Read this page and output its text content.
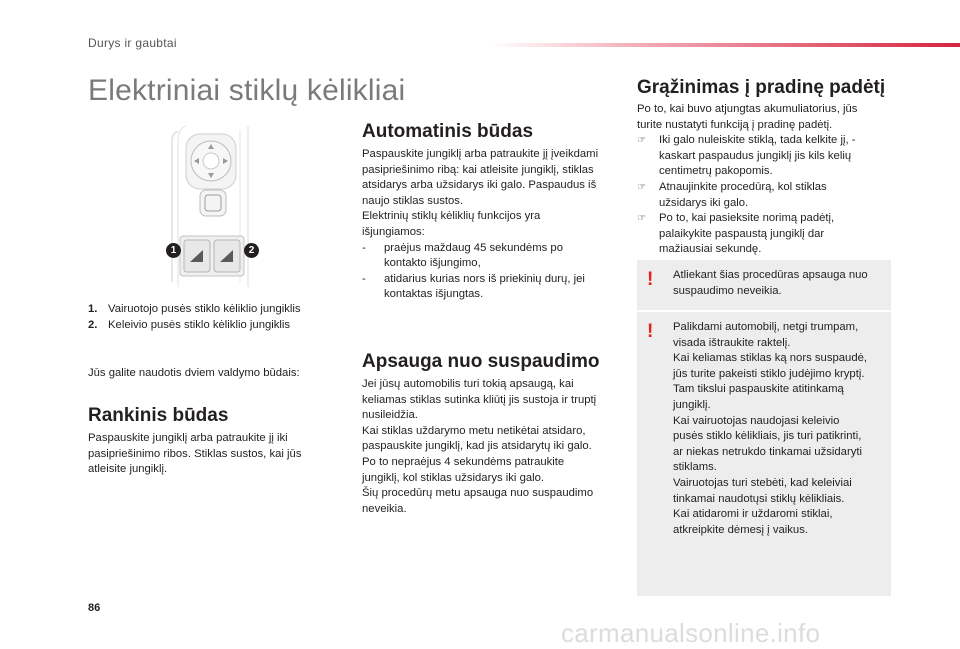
Durys ir gaubtai
Elektriniai stiklų kėlikliai
1	2
1. Vairuotojo pusės stiklo kėliklio jungiklis
2. Keleivio pusės stiklo kėliklio jungiklis
Jūs galite naudotis dviem valdymo būdais:
Rankinis būdas
Paspauskite jungiklį arba patraukite jį iki
pasipriešinimo ribos. Stiklas sustos, kai jūs
atleisite jungiklį.
Automatinis būdas
Paspauskite jungiklį arba patraukite jį įveikdami
pasipriešinimo ribą: kai atleisite jungiklį, stiklas
atsidarys arba užsidarys iki galo. Paspaudus iš
naujo stiklas sustos.
Elektrinių stiklų kėliklių funkcijos yra
išjungiamos:
- praėjus maždaug 45 sekundėms po
kontakto išjungimo,
- atidarius kurias nors iš priekinių durų, jei
kontaktas išjungtas.
Apsauga nuo suspaudimo
Jei jūsų automobilis turi tokią apsaugą, kai
keliamas stiklas sutinka kliūtį jis sustoja ir truptį
nusileidžia.
Kai stiklas uždarymo metu netikėtai atsidaro,
paspauskite jungiklį, kad jis atsidarytų iki galo.
Po to nepraėjus 4 sekundėms patraukite
jungiklį, kol stiklas užsidarys iki galo.
Šių procedūrų metu apsauga nuo suspaudimo
neveikia.
Grąžinimas į pradinę padėtį
Po to, kai buvo atjungtas akumuliatorius, jūs
turite nustatyti funkciją į pradinę padėtį.
☞ Iki galo nuleiskite stiklą, tada kelkite jį, -
kaskart paspaudus jungiklį jis kils kelių
centimetrų pakopomis.
☞ Atnaujinkite procedūrą, kol stiklas
užsidarys iki galo.
☞ Po to, kai pasieksite norimą padėtį,
palaikykite paspaustą jungiklį dar
mažiausiai sekundę.
! Atliekant šias procedūras apsauga nuo
suspaudimo neveikia.
! Palikdami automobilį, netgi trumpam,
visada ištraukite raktelį.
Kai keliamas stiklas ką nors suspaudė,
jūs turite pakeisti stiklo judėjimo kryptį.
Tam tikslui paspauskite atitinkamą
jungiklį.
Kai vairuotojas naudojasi keleivio
pusės stiklo kėlikliais, jis turi patikrinti,
ar niekas netrukdo tinkamai užsidaryti
stiklams.
Vairuotojas turi stebėti, kad keleiviai
tinkamai naudotųsi stiklų kėlikliais.
Kai atidaromi ir uždaromi stiklai,
atkreipkite dėmesį į vaikus.
86
carmanualsonline.info
